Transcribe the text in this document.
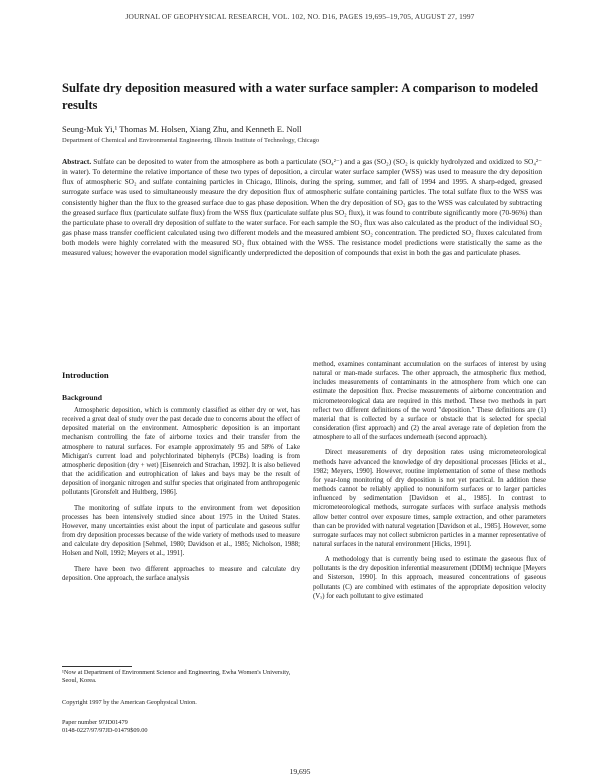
JOURNAL OF GEOPHYSICAL RESEARCH, VOL. 102, NO. D16, PAGES 19,695–19,705, AUGUST 27, 1997
Sulfate dry deposition measured with a water surface sampler: A comparison to modeled results
Seung-Muk Yi,¹ Thomas M. Holsen, Xiang Zhu, and Kenneth E. Noll
Department of Chemical and Environmental Engineering, Illinois Institute of Technology, Chicago
Abstract. Sulfate can be deposited to water from the atmosphere as both a particulate (SO₄²⁻) and a gas (SO₂) (SO₂ is quickly hydrolyzed and oxidized to SO₄²⁻ in water). To determine the relative importance of these two types of deposition, a circular water surface sampler (WSS) was used to measure the dry deposition flux of atmospheric SO₂ and sulfate containing particles in Chicago, Illinois, during the spring, summer, and fall of 1994 and 1995. A sharp-edged, greased surrogate surface was used to simultaneously measure the dry deposition flux of atmospheric sulfate containing particles. The total sulfate flux to the WSS was consistently higher than the flux to the greased surface due to gas phase deposition. When the dry deposition of SO₂ gas to the WSS was calculated by subtracting the greased surface flux (particulate sulfate flux) from the WSS flux (particulate sulfate plus SO₂ flux), it was found to contribute significantly more (70-96%) than the particulate phase to overall dry deposition of sulfate to the water surface. For each sample the SO₂ flux was also calculated as the product of the individual SO₂ gas phase mass transfer coefficient calculated using two different models and the measured ambient SO₂ concentration. The predicted SO₂ fluxes calculated from both models were highly correlated with the measured SO₂ flux obtained with the WSS. The resistance model predictions were statistically the same as the measured values; however the evaporation model significantly underpredicted the deposition of compounds that exist in both the gas and particulate phases.
Introduction
Background

Atmospheric deposition, which is commonly classified as either dry or wet, has received a great deal of study over the past decade due to concerns about the effect of deposited material on the environment. Atmospheric deposition is an important mechanism controlling the fate of airborne toxics and their transfer from the atmosphere to natural surfaces. For example approximately 95 and 58% of Lake Michigan's current load and polychlorinated biphenyls (PCBs) loading is from atmospheric deposition (dry + wet) [Eisenreich and Strachan, 1992]. It is also believed that the acidification and eutrophication of lakes and bays may be the result of deposition of inorganic nitrogen and sulfur species that originated from anthropogenic pollutants [Gronsfelt and Hultberg, 1986].

The monitoring of sulfate inputs to the environment from wet deposition processes has been intensively studied since about 1975 in the United States. However, many uncertainties exist about the input of particulate and gaseous sulfur from dry deposition processes because of the wide variety of methods used to measure and calculate dry deposition [Sehmel, 1980; Davidson et al., 1985; Nicholson, 1988; Holsen and Noll, 1992; Meyers et al., 1991].

There have been two different approaches to measure and calculate dry deposition. One approach, the surface analysis

method, examines contaminant accumulation on the surfaces of interest by using natural or man-made surfaces. The other approach, the atmospheric flux method, includes measurements of contaminants in the atmosphere from which one can estimate the deposition flux. Precise measurements of airborne concentration and micrometeorological data are required in this method. These two methods in part reflect two different definitions of the word "deposition." These definitions are (1) material that is collected by a surface or obstacle that is selected for special consideration (first approach) and (2) the areal average rate of depletion from the atmosphere to all of the surfaces underneath (second approach).

Direct measurements of dry deposition rates using micrometeorological methods have advanced the knowledge of dry depositional processes [Hicks et al., 1982; Meyers, 1990]. However, routine implementation of some of these methods for year-long monitoring of dry deposition is not yet practical. In addition these methods cannot be reliably applied to nonuniform surfaces or to larger particles influenced by sedimentation [Davidson et al., 1985]. In contrast to micrometeorological methods, surrogate surfaces with surface analysis methods allow better control over exposure times, sample extraction, and other parameters than can be provided with natural vegetation [Davidson et al., 1985]. However, some surrogate surfaces may not collect submicron particles in a manner representative of natural surfaces in the natural environment [Hicks, 1991].

A methodology that is currently being used to estimate the gaseous flux of pollutants is the dry deposition inferential measurement (DDIM) technique [Meyers and Sisterson, 1990]. In this approach, measured concentrations of gaseous pollutants (C) are combined with estimates of the appropriate deposition velocity (Vₓ) for each pollutant to give estimated

¹Now at Department of Environment Science and Engineering, Ewha Women's University, Seoul, Korea.
Copyright 1997 by the American Geophysical Union.
Paper number 97JD01479
0148-0227/97/97JD-01479$09.00
19,695
